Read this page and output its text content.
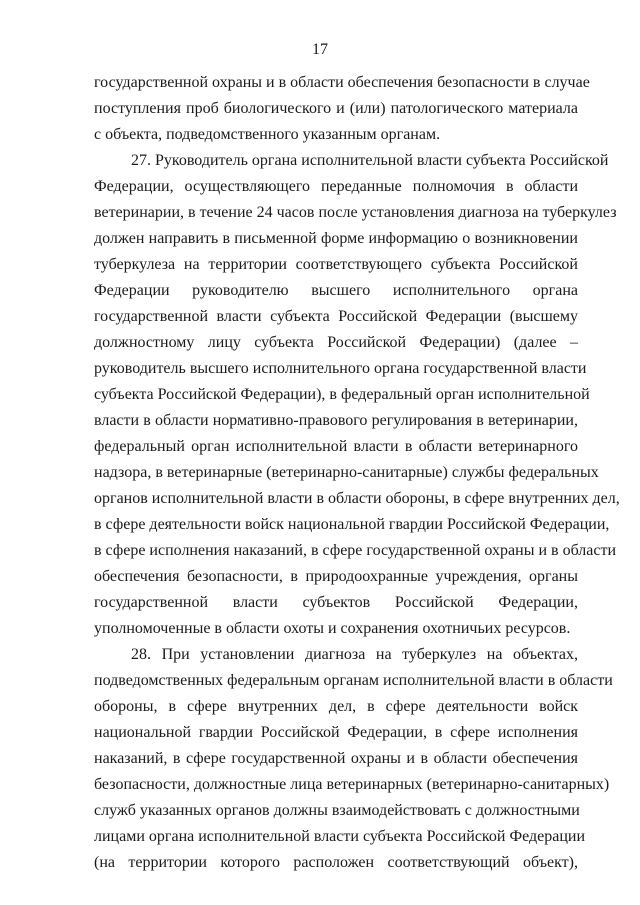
17
государственной охраны и в области обеспечения безопасности в случае
поступления проб биологического и (или) патологического материала
с объекта, подведомственного указанным органам.
27. Руководитель органа исполнительной власти субъекта Российской
Федерации, осуществляющего переданные полномочия в области
ветеринарии, в течение 24 часов после установления диагноза на туберкулез
должен направить в письменной форме информацию о возникновении
туберкулеза на территории соответствующего субъекта Российской
Федерации руководителю высшего исполнительного органа
государственной власти субъекта Российской Федерации (высшему
должностному лицу субъекта Российской Федерации) (далее –
руководитель высшего исполнительного органа государственной власти
субъекта Российской Федерации), в федеральный орган исполнительной
власти в области нормативно-правового регулирования в ветеринарии,
федеральный орган исполнительной власти в области ветеринарного
надзора, в ветеринарные (ветеринарно-санитарные) службы федеральных
органов исполнительной власти в области обороны, в сфере внутренних дел,
в сфере деятельности войск национальной гвардии Российской Федерации,
в сфере исполнения наказаний, в сфере государственной охраны и в области
обеспечения безопасности, в природоохранные учреждения, органы
государственной власти субъектов Российской Федерации,
уполномоченные в области охоты и сохранения охотничьих ресурсов.
28. При установлении диагноза на туберкулез на объектах,
подведомственных федеральным органам исполнительной власти в области
обороны, в сфере внутренних дел, в сфере деятельности войск
национальной гвардии Российской Федерации, в сфере исполнения
наказаний, в сфере государственной охраны и в области обеспечения
безопасности, должностные лица ветеринарных (ветеринарно-санитарных)
служб указанных органов должны взаимодействовать с должностными
лицами органа исполнительной власти субъекта Российской Федерации
(на территории которого расположен соответствующий объект),
